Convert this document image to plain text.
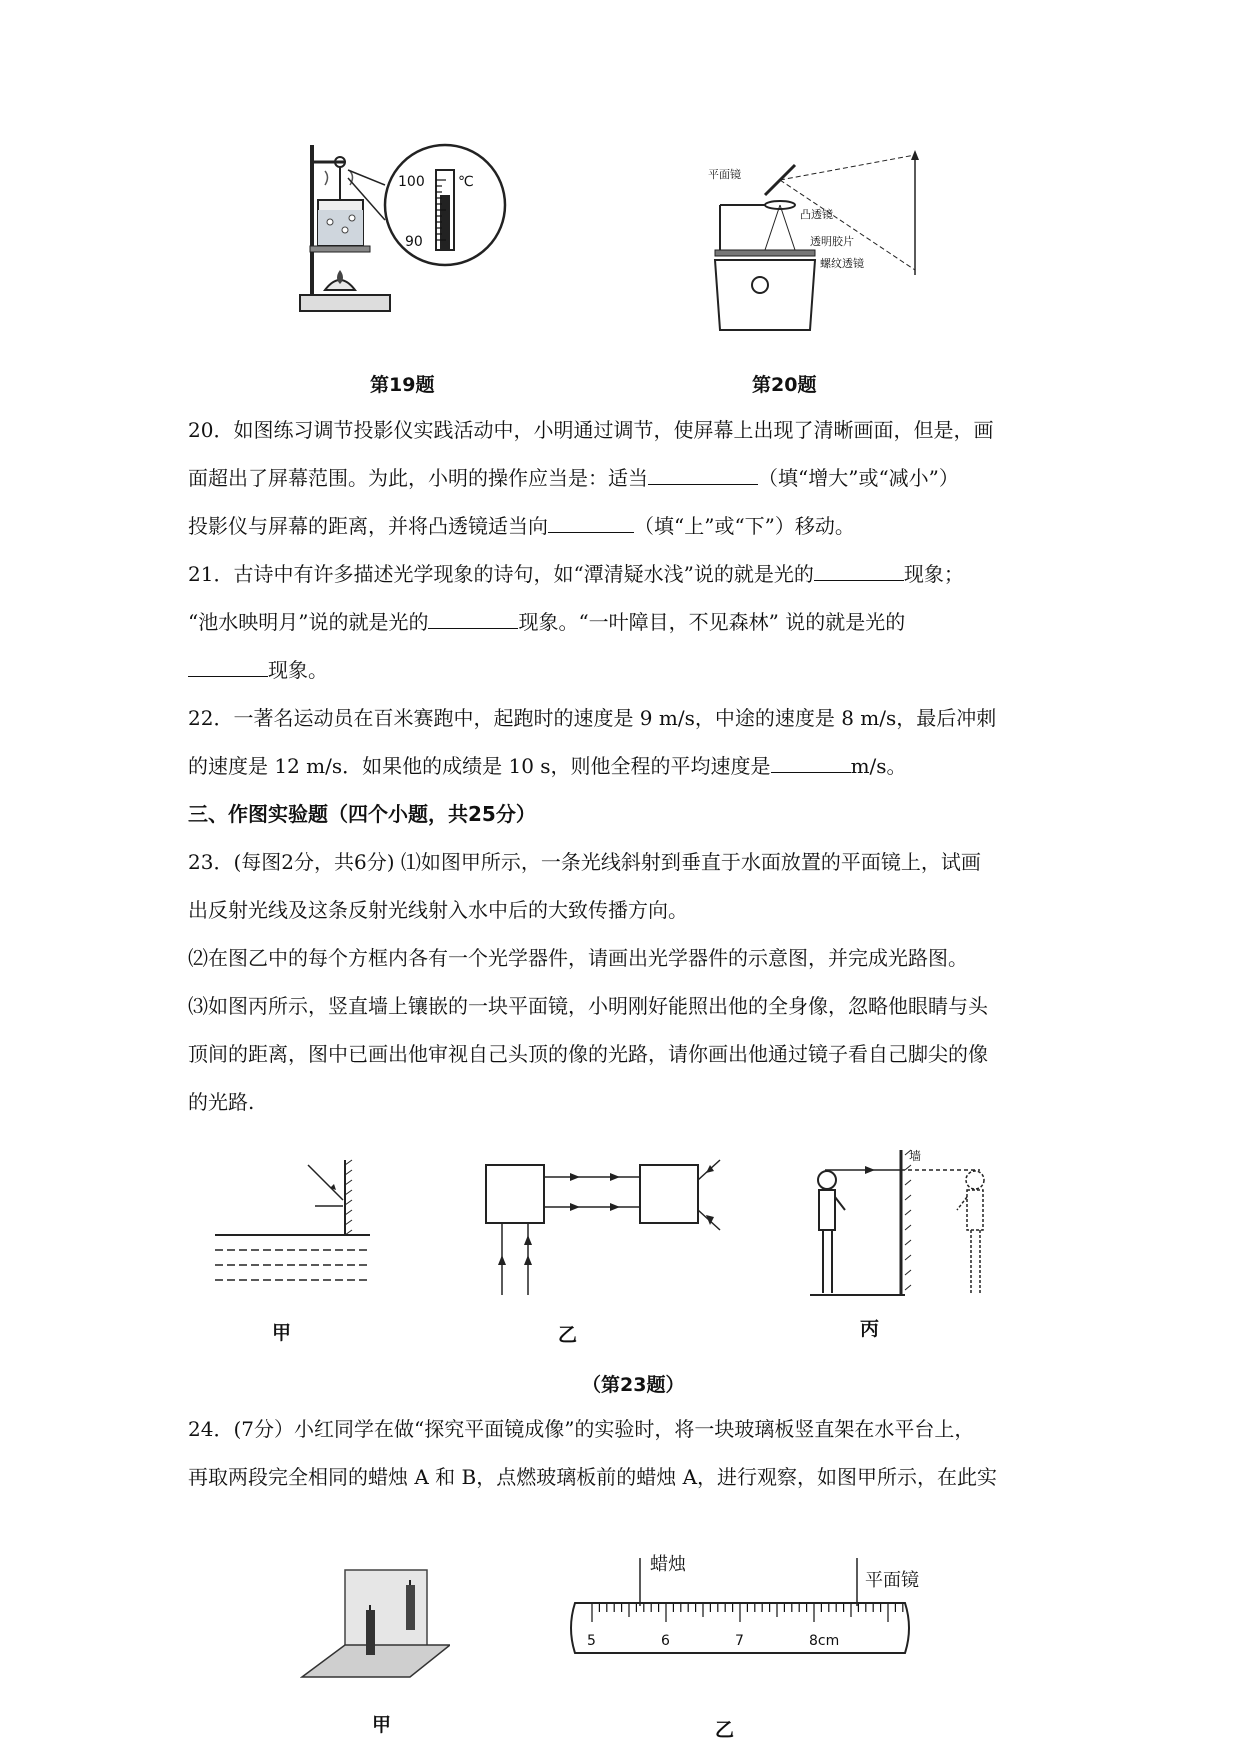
100 ℃
90
第19题
平面镜
凸透镜
透明胶片
螺纹透镜
第20题
20．如图练习调节投影仪实践活动中，小明通过调节，使屏幕上出现了清晰画面，但是，画
面超出了屏幕范围。为此，小明的操作应当是：适当	（填“增大”或“减小”）
投影仪与屏幕的距离，并将凸透镜适当向	（填“上”或“下”）移动。
21．古诗中有许多描述光学现象的诗句，如“潭清疑水浅”说的就是光的	现象；
“池水映明月”说的就是光的	现象。“一叶障目，不见森林” 说的就是光的
现象。
22．一著名运动员在百米赛跑中，起跑时的速度是 9 m/s，中途的速度是 8 m/s，最后冲刺
的速度是 12 m/s．如果他的成绩是 10 s，则他全程的平均速度是	m/s。
三、作图实验题（四个小题，共25分）
23．(每图2分，共6分) ⑴如图甲所示，一条光线斜射到垂直于水面放置的平面镜上，试画
出反射光线及这条反射光线射入水中后的大致传播方向。
⑵在图乙中的每个方框内各有一个光学器件，请画出光学器件的示意图，并完成光路图。
⑶如图丙所示，竖直墙上镶嵌的一块平面镜，小明刚好能照出他的全身像，忽略他眼睛与头
顶间的距离，图中已画出他审视自己头顶的像的光路，请你画出他通过镜子看自己脚尖的像
的光路.
甲	乙
墙
丙
（第23题）
24．(7分）小红同学在做“探究平面镜成像”的实验时，将一块玻璃板竖直架在水平台上，
再取两段完全相同的蜡烛 A 和 B，点燃玻璃板前的蜡烛 A，进行观察，如图甲所示，在此实
甲
蜡烛
平面镜
5	6	7	8cm
乙
